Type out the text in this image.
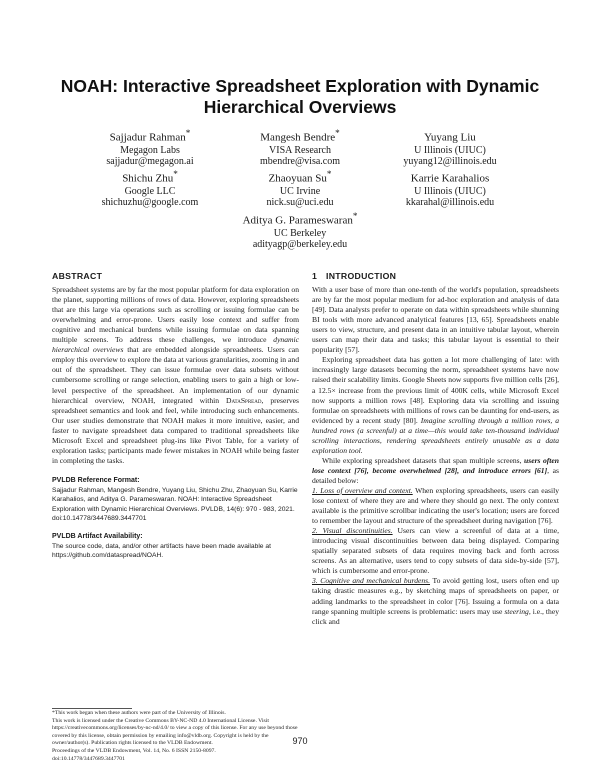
NOAH: Interactive Spreadsheet Exploration with Dynamic Hierarchical Overviews
Sajjadur Rahman*
Megagon Labs
sajjadur@megagon.ai
Mangesh Bendre*
VISA Research
mbendre@visa.com
Yuyang Liu
U Illinois (UIUC)
yuyang12@illinois.edu
Shichu Zhu*
Google LLC
shichuzhu@google.com
Zhaoyuan Su*
UC Irvine
nick.su@uci.edu
Karrie Karahalios
U Illinois (UIUC)
kkarahal@illinois.edu
Aditya G. Parameswaran*
UC Berkeley
adityagp@berkeley.edu
ABSTRACT

Spreadsheet systems are by far the most popular platform for data exploration on the planet, supporting millions of rows of data. However, exploring spreadsheets that are this large via operations such as scrolling or issuing formulae can be overwhelming and error-prone. Users easily lose context and suffer from cognitive and mechanical burdens while issuing formulae on data spanning multiple screens. To address these challenges, we introduce dynamic hierarchical overviews that are embedded alongside spreadsheets. Users can employ this overview to explore the data at various granularities, zooming in and out of the spreadsheet. They can issue formulae over data subsets without cumbersome scrolling or range selection, enabling users to gain a high or low-level perspective of the spreadsheet. An implementation of our dynamic hierarchical overview, NOAH, integrated within DataSpread, preserves spreadsheet semantics and look and feel, while introducing such enhancements. Our user studies demonstrate that NOAH makes it more intuitive, easier, and faster to navigate spreadsheet data compared to traditional spreadsheets like Microsoft Excel and spreadsheet plug-ins like Pivot Table, for a variety of exploration tasks; participants made fewer mistakes in NOAH while being faster in completing the tasks.

PVLDB Reference Format:

Sajjadur Rahman, Mangesh Bendre, Yuyang Liu, Shichu Zhu, Zhaoyuan Su, Karrie Karahalios, and Aditya G. Parameswaran. NOAH: Interactive Spreadsheet Exploration with Dynamic Hierarchical Overviews. PVLDB, 14(6): 970 - 983, 2021.

doi:10.14778/3447689.3447701

PVLDB Artifact Availability:

The source code, data, and/or other artifacts have been made available at https://github.com/dataspread/NOAH.

*This work began when these authors were part of the University of Illinois.
This work is licensed under the Creative Commons BY-NC-ND 4.0 International License. Visit https://creativecommons.org/licenses/by-nc-nd/4.0/ to view a copy of this license. For any use beyond those covered by this license, obtain permission by emailing info@vldb.org. Copyright is held by the owner/author(s). Publication rights licensed to the VLDB Endowment.
Proceedings of the VLDB Endowment, Vol. 14, No. 6 ISSN 2150-8097.
doi:10.14778/3447689.3447701
1 INTRODUCTION

With a user base of more than one-tenth of the world's population, spreadsheets are by far the most popular medium for ad-hoc exploration and analysis of data [49]. Data analysts prefer to operate on data within spreadsheets while shunning BI tools with more advanced analytical features [13, 65]. Spreadsheets enable users to view, structure, and present data in an intuitive tabular layout, wherein users can map their data and tasks; this tabular layout is essential to their popularity [57].

Exploring spreadsheet data has gotten a lot more challenging of late: with increasingly large datasets becoming the norm, spreadsheet systems have now raised their scalability limits. Google Sheets now supports five million cells [26], a 12.5× increase from the previous limit of 400K cells, while Microsoft Excel now supports a million rows [48]. Exploring data via scrolling and issuing formulae on spreadsheets with millions of rows can be daunting for end-users, as evidenced by a recent study [80]. Imagine scrolling through a million rows, a hundred rows (a screenful) at a time—this would take ten-thousand individual scrolling interactions, rendering spreadsheets entirely unusable as a data exploration tool.

While exploring spreadsheet datasets that span multiple screens, users often lose context [76], become overwhelmed [28], and introduce errors [61], as detailed below:

1. Loss of overview and context. When exploring spreadsheets, users can easily lose context of where they are and where they should go next. The only context available is the primitive scrollbar indicating the user's location; users are forced to remember the layout and structure of the spreadsheet during navigation [76].

2. Visual discontinuities. Users can view a screenful of data at a time, introducing visual discontinuities between data being displayed. Comparing spatially separated subsets of data requires moving back and forth across screens. As an alternative, users tend to copy subsets of data side-by-side [57], which is cumbersome and error-prone.

3. Cognitive and mechanical burdens. To avoid getting lost, users often end up taking drastic measures e.g., by sketching maps of spreadsheets on paper, or adding landmarks to the spreadsheet in color [76]. Issuing a formula on a data range spanning multiple screens is problematic: users may use steering, i.e., they click and

970
